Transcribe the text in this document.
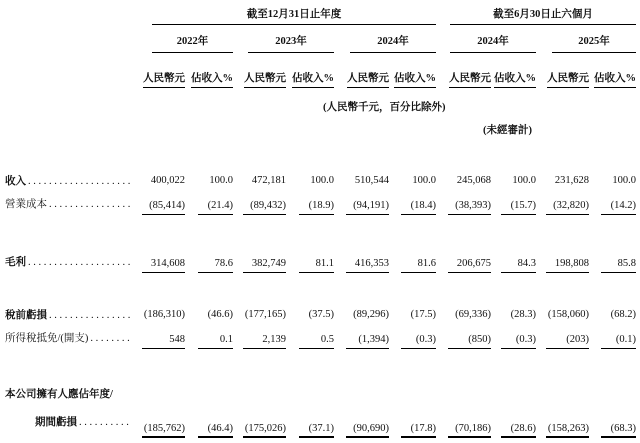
	截至12月31日止年度						截至6月30日止六個月			

	2022年		2023年		2024年		2024年		2025年	

	人民幣元	佔收入%	人民幣元	佔收入%	人民幣元	佔收入%	人民幣元	佔收入%	人民幣元	佔收入%

(人民幣千元，百分比除外)										

(未經審計)										

收入
. . .	400,022	100.0	472,181	100.0	510,544	100.0	245,068	100.0	231,628	100.0

營業成本
. . .	(85,414)	(21.4)	(89,432)	(18.9)	(94,191)	(18.4)	(38,393)	(15.7)	(32,820)	(14.2)

毛利
. . .	314,608	78.6	382,749	81.1	416,353	81.6	206,675	84.3	198,808	85.8

稅前虧損
. . .	(186,310)	(46.6)	(177,165)	(37.5)	(89,296)	(17.5)	(69,336)	(28.3)	(158,060)	(68.2)

所得稅抵免/(開支)
. . .	548	0.1	2,139	0.5	(1,394)	(0.3)	(850)	(0.3)	(203)	(0.1)

本公司擁有人應佔年度/
期間虧損
. . .	(185,762)	(46.4)	(175,026)	(37.1)	(90,690)	(17.8)	(70,186)	(28.6)	(158,263)	(68.3)
